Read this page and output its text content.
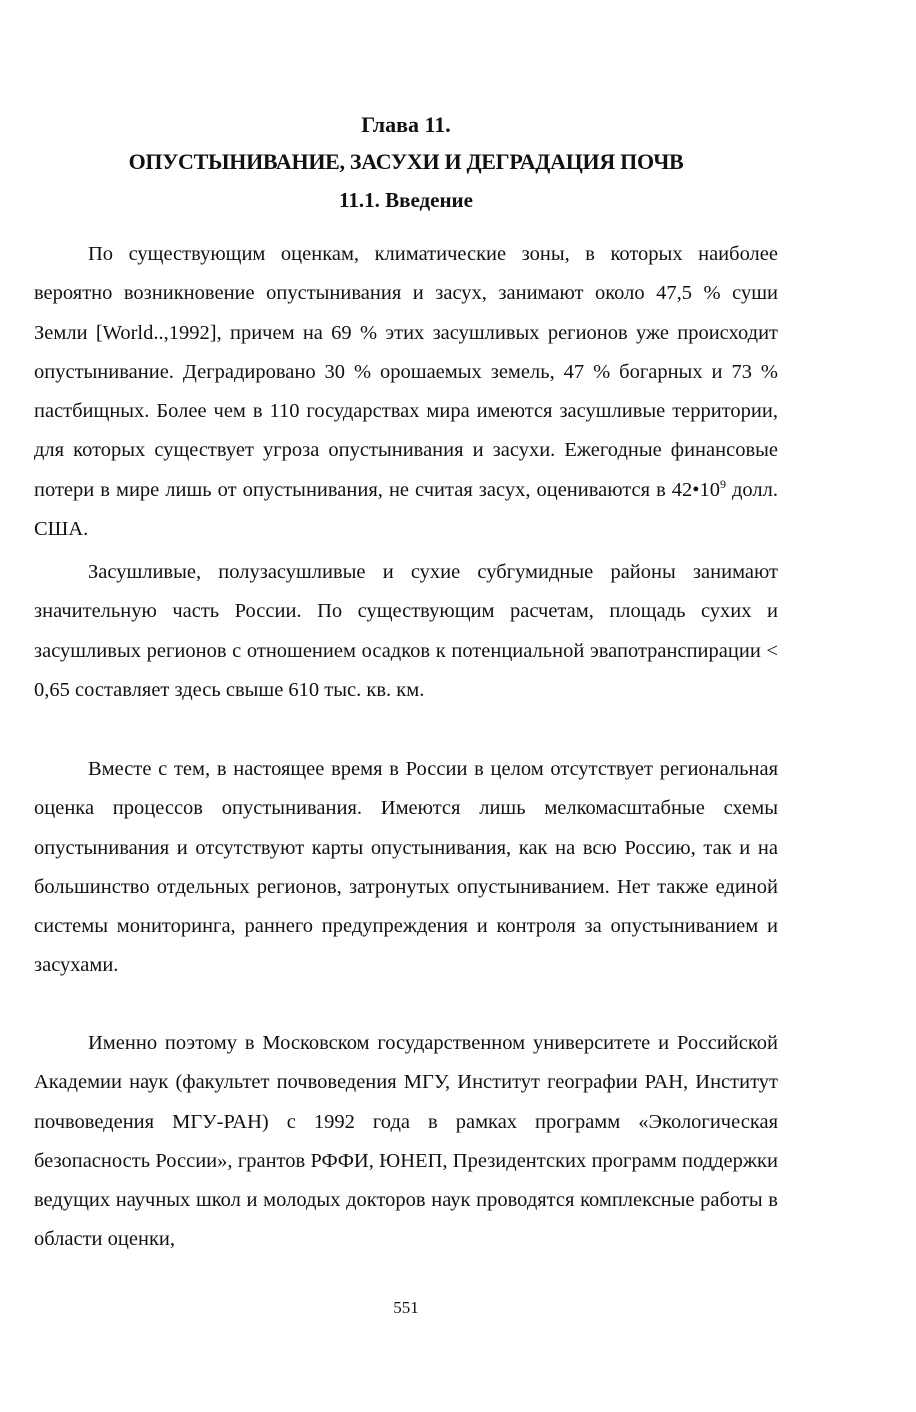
Глава 11.
ОПУСТЫНИВАНИЕ, ЗАСУХИ И ДЕГРАДАЦИЯ ПОЧВ
11.1. Введение

По существующим оценкам, климатические зоны, в которых наиболее вероятно возникновение опустынивания и засух, занимают около 47,5 % суши Земли [World..,1992], причем на 69 % этих засушливых регионов уже происходит опустынивание. Деградировано 30 % орошаемых земель, 47 % богарных и 73 % пастбищных. Более чем в 110 государствах мира имеются засушливые территории, для которых существует угроза опустынивания и засухи. Ежегодные финансовые потери в мире лишь от опустынивания, не считая засух, оцениваются в $42•10^9$ долл. США.

Засушливые, полузасушливые и сухие субгумидные районы занимают значительную часть России. По существующим расчетам, площадь сухих и засушливых регионов с отношением осадков к потенциальной эвапотранспирации < 0,65 составляет здесь свыше 610 тыс. кв. км.

Вместе с тем, в настоящее время в России в целом отсутствует региональная оценка процессов опустынивания. Имеются лишь мелкомасштабные схемы опустынивания и отсутствуют карты опустынивания, как на всю Россию, так и на большинство отдельных регионов, затронутых опустыниванием. Нет также единой системы мониторинга, раннего предупреждения и контроля за опустыниванием и засухами.

Именно поэтому в Московском государственном университете и Российской Академии наук (факультет почвоведения МГУ, Институт географии РАН, Институт почвоведения МГУ-РАН) с 1992 года в рамках программ «Экологическая безопасность России», грантов РФФИ, ЮНЕП, Президентских программ поддержки ведущих научных школ и молодых докторов наук проводятся комплексные работы в области оценки,

551
